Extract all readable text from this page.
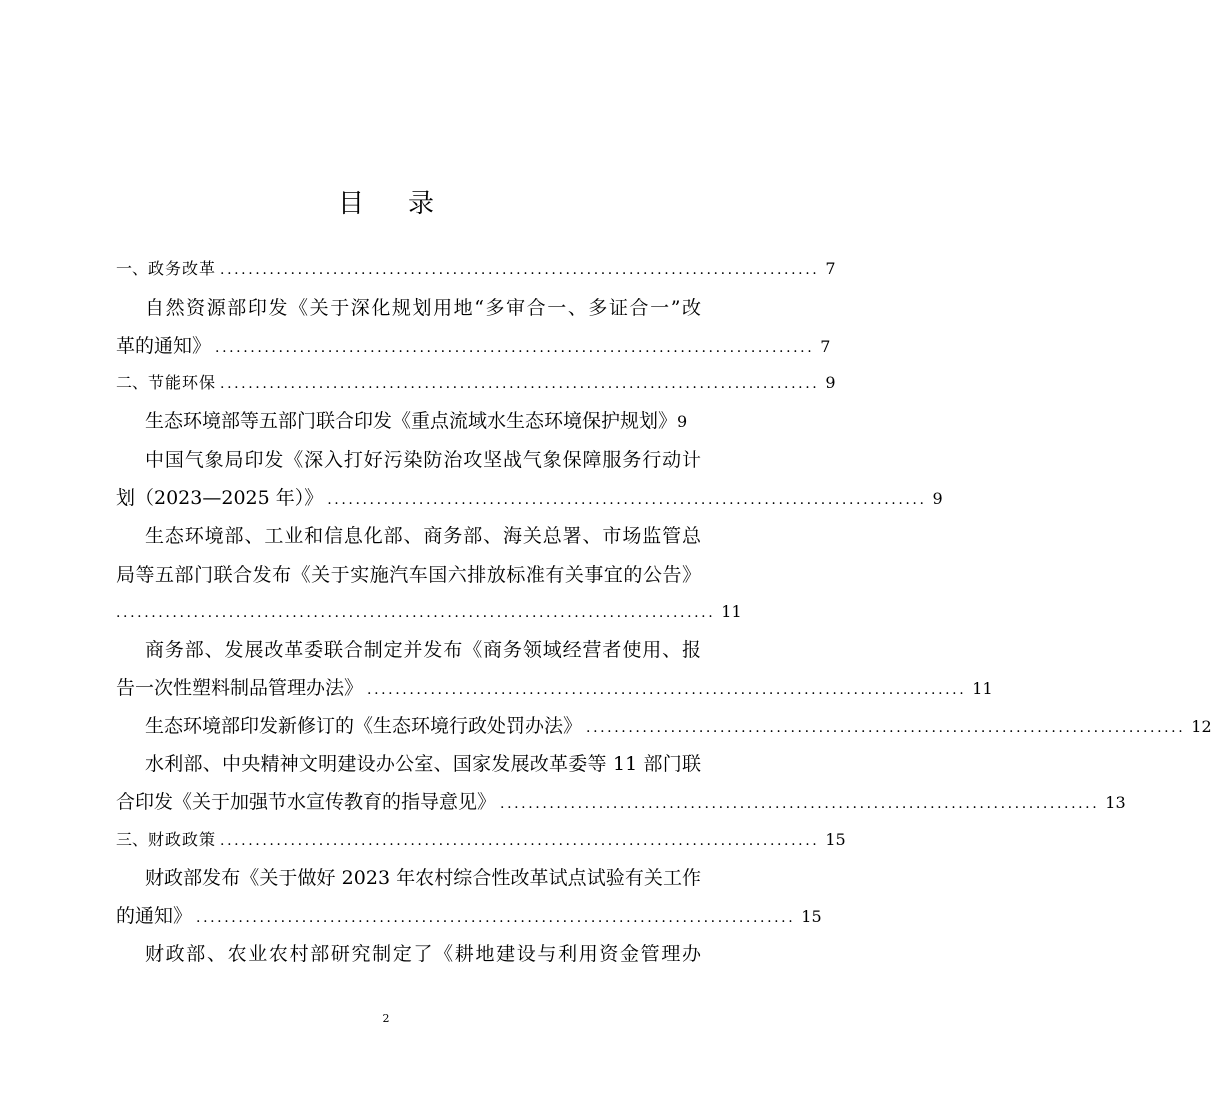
目 录
一、 政务改革 ..................................................................................... 7
自然资源部印发《关于深化规划用地“多审合一、多证合一”改
革的通知》 ..................................................................................... 7
二、 节能环保 ..................................................................................... 9
生态环境部等五部门联合印发《重点流域水生态环境保护规划》 9
中国气象局印发《深入打好污染防治攻坚战气象保障服务行动计
划（2023—2025 年）》 ..................................................................................... 9
生态环境部、工业和信息化部、商务部、海关总署、市场监管总
局等五部门联合发布《关于实施汽车国六排放标准有关事宜的公告》
..................................................................................... 11
商务部、发展改革委联合制定并发布《商务领域经营者使用、报
告一次性塑料制品管理办法》 ..................................................................................... 11
生态环境部印发新修订的《生态环境行政处罚办法》 ..................................................................................... 12
水利部、中央精神文明建设办公室、国家发展改革委等 11 部门联
合印发《关于加强节水宣传教育的指导意见》 ..................................................................................... 13
三、 财政政策 ..................................................................................... 15
财政部发布《关于做好 2023 年农村综合性改革试点试验有关工作
的通知》 ..................................................................................... 15
财政部、农业农村部研究制定了《耕地建设与利用资金管理办
2
